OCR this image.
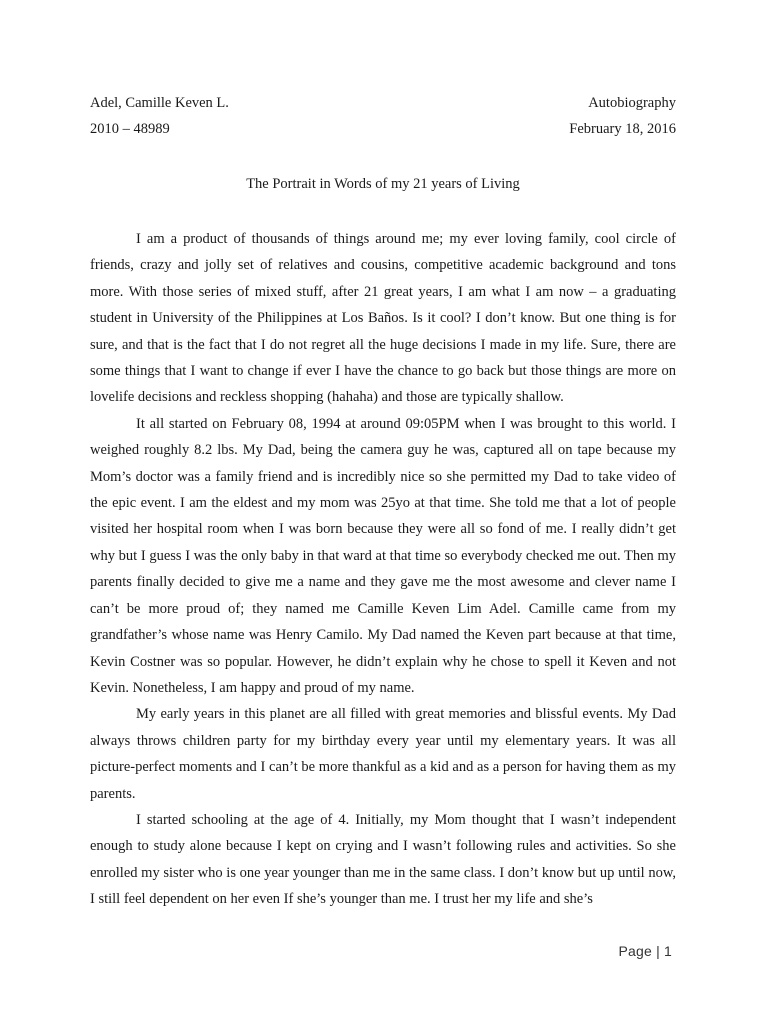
Adel, Camille Keven L.	Autobiography
2010 – 48989	February 18, 2016
The Portrait in Words of my 21 years of Living

I am a product of thousands of things around me; my ever loving family, cool circle of friends, crazy and jolly set of relatives and cousins, competitive academic background and tons more. With those series of mixed stuff, after 21 great years, I am what I am now – a graduating student in University of the Philippines at Los Baños. Is it cool? I don’t know. But one thing is for sure, and that is the fact that I do not regret all the huge decisions I made in my life. Sure, there are some things that I want to change if ever I have the chance to go back but those things are more on lovelife decisions and reckless shopping (hahaha) and those are typically shallow.

It all started on February 08, 1994 at around 09:05PM when I was brought to this world. I weighed roughly 8.2 lbs. My Dad, being the camera guy he was, captured all on tape because my Mom’s doctor was a family friend and is incredibly nice so she permitted my Dad to take video of the epic event. I am the eldest and my mom was 25yo at that time. She told me that a lot of people visited her hospital room when I was born because they were all so fond of me. I really didn’t get why but I guess I was the only baby in that ward at that time so everybody checked me out. Then my parents finally decided to give me a name and they gave me the most awesome and clever name I can’t be more proud of; they named me Camille Keven Lim Adel. Camille came from my grandfather’s whose name was Henry Camilo. My Dad named the Keven part because at that time, Kevin Costner was so popular. However, he didn’t explain why he chose to spell it Keven and not Kevin. Nonetheless, I am happy and proud of my name.

My early years in this planet are all filled with great memories and blissful events. My Dad always throws children party for my birthday every year until my elementary years. It was all picture-perfect moments and I can’t be more thankful as a kid and as a person for having them as my parents.

I started schooling at the age of 4. Initially, my Mom thought that I wasn’t independent enough to study alone because I kept on crying and I wasn’t following rules and activities. So she enrolled my sister who is one year younger than me in the same class. I don’t know but up until now, I still feel dependent on her even If she’s younger than me. I trust her my life and she’s

Page | 1
